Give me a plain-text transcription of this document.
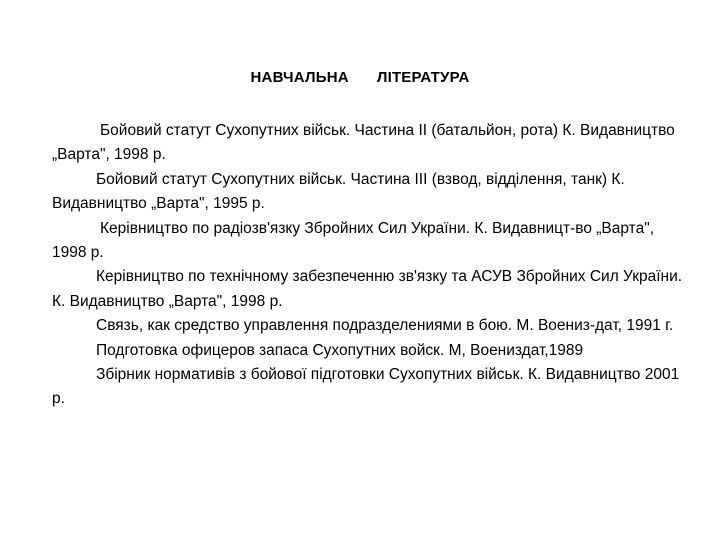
НАВЧАЛЬНА   ЛІТЕРАТУРА
Бойовий статут Сухопутних військ. Частина ІІ (батальйон, рота) К. Видавництво „Варта", 1998 р.
Бойовий статут Сухопутних військ. Частина ІІІ (взвод, відділення, танк) К. Видавництво „Варта", 1995 р.
Керівництво по радіозв'язку Збройних Сил України. К. Видавницт-во „Варта", 1998 р.
Керівництво по технічному забезпеченню зв'язку та АСУВ Збройних Сил України. К. Видавництво „Варта", 1998 р.
Связь, как средство управлення подразделениями в бою. М. Воениз-дат, 1991 г.
Подготовка офицеров запаса Сухопутних войск. М, Воениздат,1989
Збірник нормативів з бойової підготовки Сухопутних військ. К. Видавництво 2001 р.
